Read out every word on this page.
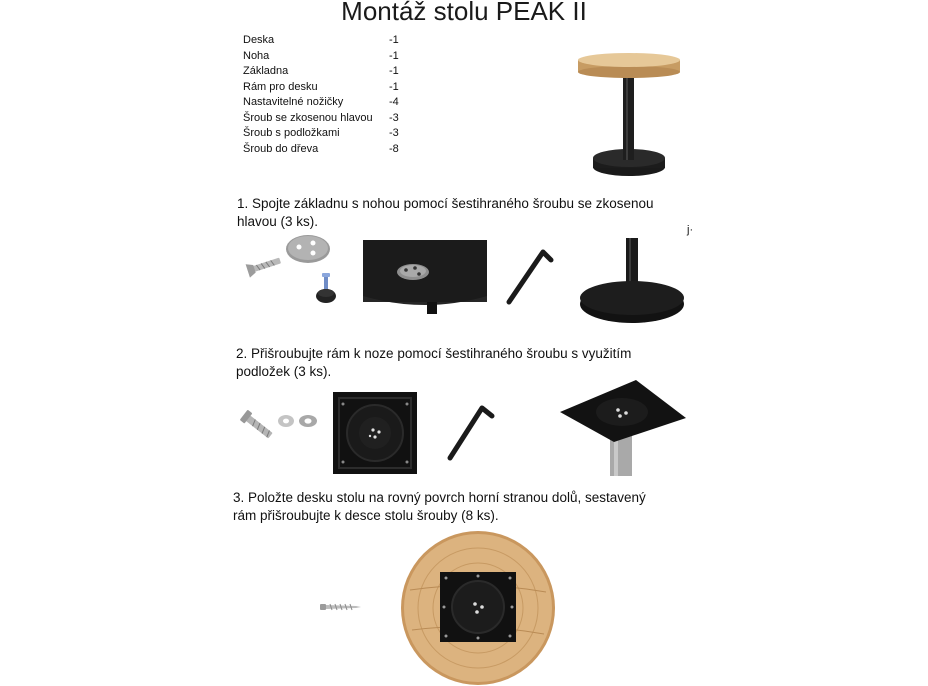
Montáž stolu PEAK II
Deska	-1
Noha	-1
Základna	-1
Rám pro desku	-1
Nastavitelné nožičky	-4
Šroub se zkosenou hlavou	-3
Šroub s podložkami	-3
Šroub do dřeva	-8
1. Spojte základnu s nohou pomocí šestihraného šroubu se zkosenou
hlavou (3 ks).
j·
2. Přišroubujte rám k noze pomocí šestihraného šroubu s využitím
podložek (3 ks).
3. Položte desku stolu na rovný povrch horní stranou dolů, sestavený
rám přišroubujte k desce stolu šrouby (8 ks).
